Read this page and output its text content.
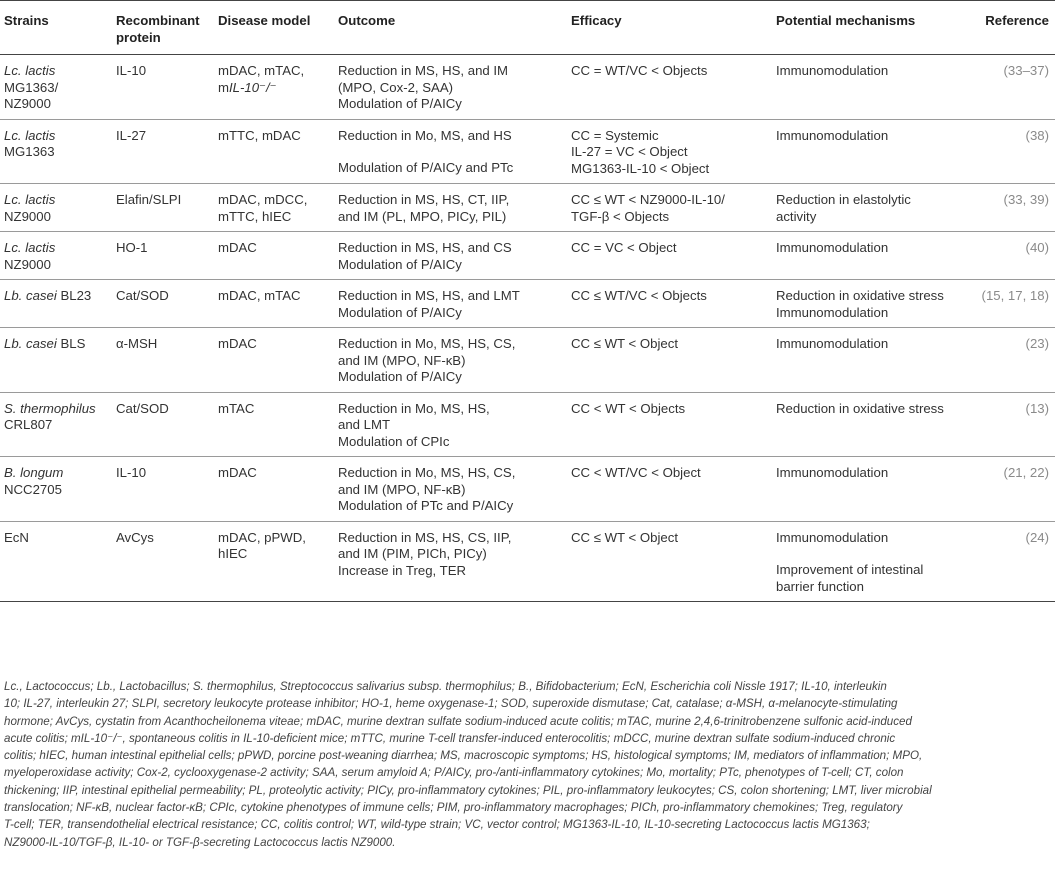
Strains	Recombinant protein	Disease model	Outcome	Efficacy	Potential mechanisms	Reference

Lc. lactis
MG1363/
NZ9000	IL-10	mDAC, mTAC,
mIL-10⁻/⁻	Reduction in MS, HS, and IM
(MPO, Cox-2, SAA)
Modulation of P/AICy	CC = WT/VC < Objects	Immunomodulation	(33–37)

Lc. lactis
MG1363	IL-27	mTTC, mDAC	Reduction in Mo, MS, and HS
Modulation of P/AICy and PTc	CC = Systemic
IL-27 = VC < Object
MG1363-IL-10 < Object	Immunomodulation	(38)

Lc. lactis
NZ9000	Elafin/SLPI	mDAC, mDCC,
mTTC, hIEC	Reduction in MS, HS, CT, IIP,
and IM (PL, MPO, PICy, PIL)	CC ≤ WT < NZ9000-IL-10/
TGF-β < Objects	Reduction in elastolytic
activity	(33, 39)

Lc. lactis
NZ9000	HO-1	mDAC	Reduction in MS, HS, and CS
Modulation of P/AICy	CC = VC < Object	Immunomodulation	(40)

Lb. casei BL23	Cat/SOD	mDAC, mTAC	Reduction in MS, HS, and LMT
Modulation of P/AICy	CC ≤ WT/VC < Objects	Reduction in oxidative stress
Immunomodulation	(15, 17, 18)

Lb. casei BLS	α-MSH	mDAC	Reduction in Mo, MS, HS, CS,
and IM (MPO, NF-κB)
Modulation of P/AICy	CC ≤ WT < Object	Immunomodulation	(23)

S. thermophilus
CRL807	Cat/SOD	mTAC	Reduction in Mo, MS, HS,
and LMT
Modulation of CPIc	CC < WT < Objects	Reduction in oxidative stress	(13)

B. longum
NCC2705	IL-10	mDAC	Reduction in Mo, MS, HS, CS,
and IM (MPO, NF-κB)
Modulation of PTc and P/AICy	CC < WT/VC < Object	Immunomodulation	(21, 22)

EcN	AvCys	mDAC, pPWD,
hIEC	Reduction in MS, HS, CS, IIP,
and IM (PIM, PICh, PICy)
Increase in Treg, TER	CC ≤ WT < Object	Immunomodulation
Improvement of intestinal
barrier function	(24)
Lc., Lactococcus; Lb., Lactobacillus; S. thermophilus, Streptococcus salivarius subsp. thermophilus; B., Bifidobacterium; EcN, Escherichia coli Nissle 1917; IL-10, interleukin
10; IL-27, interleukin 27; SLPI, secretory leukocyte protease inhibitor; HO-1, heme oxygenase-1; SOD, superoxide dismutase; Cat, catalase; α-MSH, α-melanocyte-stimulating
hormone; AvCys, cystatin from Acanthocheilonema viteae; mDAC, murine dextran sulfate sodium-induced acute colitis; mTAC, murine 2,4,6-trinitrobenzene sulfonic acid-induced
acute colitis; mIL-10⁻/⁻, spontaneous colitis in IL-10-deficient mice; mTTC, murine T-cell transfer-induced enterocolitis; mDCC, murine dextran sulfate sodium-induced chronic
colitis; hIEC, human intestinal epithelial cells; pPWD, porcine post-weaning diarrhea; MS, macroscopic symptoms; HS, histological symptoms; IM, mediators of inflammation; MPO,
myeloperoxidase activity; Cox-2, cyclooxygenase-2 activity; SAA, serum amyloid A; P/AICy, pro-/anti-inflammatory cytokines; Mo, mortality; PTc, phenotypes of T-cell; CT, colon
thickening; IIP, intestinal epithelial permeability; PL, proteolytic activity; PICy, pro-inflammatory cytokines; PIL, pro-inflammatory leukocytes; CS, colon shortening; LMT, liver microbial
translocation; NF-κB, nuclear factor-κB; CPIc, cytokine phenotypes of immune cells; PIM, pro-inflammatory macrophages; PICh, pro-inflammatory chemokines; Treg, regulatory
T-cell; TER, transendothelial electrical resistance; CC, colitis control; WT, wild-type strain; VC, vector control; MG1363-IL-10, IL-10-secreting Lactococcus lactis MG1363;
NZ9000-IL-10/TGF-β, IL-10- or TGF-β-secreting Lactococcus lactis NZ9000.
